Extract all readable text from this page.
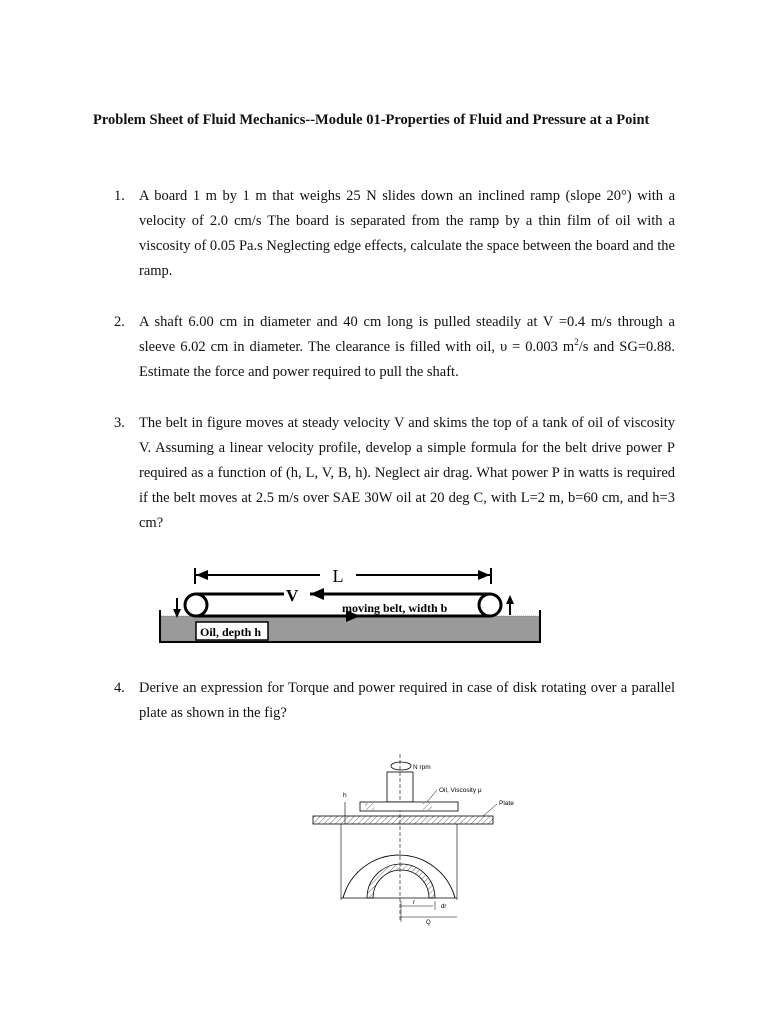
Problem Sheet of Fluid Mechanics--Module 01-Properties of Fluid and Pressure at a Point
1. A board 1 m by 1 m that weighs 25 N slides down an inclined ramp (slope 20°) with a velocity of 2.0 cm/s The board is separated from the ramp by a thin film of oil with a viscosity of 0.05 Pa.s Neglecting edge effects, calculate the space between the board and the ramp.
2. A shaft 6.00 cm in diameter and 40 cm long is pulled steadily at V =0.4 m/s through a sleeve 6.02 cm in diameter. The clearance is filled with oil, υ = 0.003 $m^2/s$ and SG=0.88. Estimate the force and power required to pull the shaft.
3. The belt in figure moves at steady velocity V and skims the top of a tank of oil of viscosity V. Assuming a linear velocity profile, develop a simple formula for the belt drive power P required as a function of (h, L, V, B, h). Neglect air drag. What power P in watts is required if the belt moves at 2.5 m/s over SAE 30W oil at 20 deg C, with L=2 m, b=60 cm, and h=3 cm?
L
Oil, depth h
V
moving belt, width b
4. Derive an expression for Torque and power required in case of disk rotating over a parallel plate as shown in the fig?
N rpm
h
Oil, Viscosity μ
Plate
r
dr
Q
